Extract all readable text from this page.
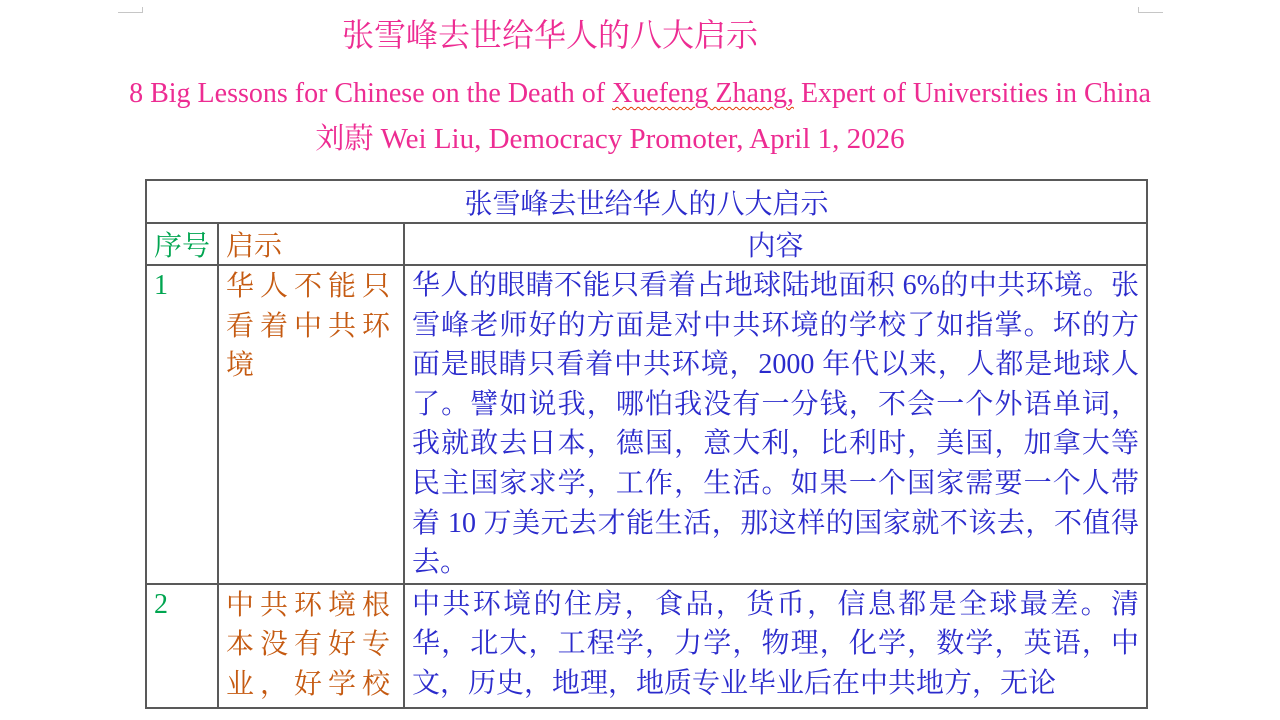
张雪峰去世给华人的八大启示
8 Big Lessons for Chinese on the Death of Xuefeng Zhang, Expert of Universities in China
刘蔚 Wei Liu, Democracy Promoter, April 1, 2026
张雪峰去世给华人的八大启示		
序号	启示	内容
1	华人不能只看着中共环境	华人的眼睛不能只看着占地球陆地面积 6%的中共环境。张雪峰老师好的方面是对中共环境的学校了如指掌。坏的方面是眼睛只看着中共环境，2000 年代以来，人都是地球人了。譬如说我，哪怕我没有一分钱，不会一个外语单词，我就敢去日本，德国，意大利，比利时，美国，加拿大等民主国家求学，工作，生活。如果一个国家需要一个人带着 10 万美元去才能生活，那这样的国家就不该去，不值得去。
2	中共环境根本没有好专业，好学校	中共环境的住房，食品，货币，信息都是全球最差。清华，北大，工程学，力学，物理，化学，数学，英语，中文，历史，地理，地质专业毕业后在中共地方，无论
